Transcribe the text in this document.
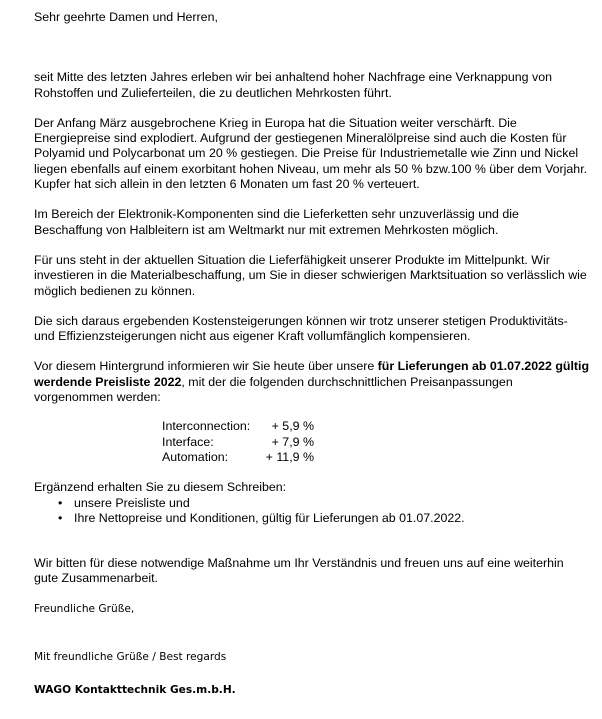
Sehr geehrte Damen und Herren,

seit Mitte des letzten Jahres erleben wir bei anhaltend hoher Nachfrage eine Verknappung von Rohstoffen und Zulieferteilen, die zu deutlichen Mehrkosten führt.

Der Anfang März ausgebrochene Krieg in Europa hat die Situation weiter verschärft. Die Energiepreise sind explodiert. Aufgrund der gestiegenen Mineralölpreise sind auch die Kosten für Polyamid und Polycarbonat um 20 % gestiegen. Die Preise für Industriemetalle wie Zinn und Nickel liegen ebenfalls auf einem exorbitant hohen Niveau, um mehr als 50 % bzw.100 % über dem Vorjahr. Kupfer hat sich allein in den letzten 6 Monaten um fast 20 % verteuert.

Im Bereich der Elektronik-Komponenten sind die Lieferketten sehr unzuverlässig und die Beschaffung von Halbleitern ist am Weltmarkt nur mit extremen Mehrkosten möglich.

Für uns steht in der aktuellen Situation die Lieferfähigkeit unserer Produkte im Mittelpunkt. Wir investieren in die Materialbeschaffung, um Sie in dieser schwierigen Marktsituation so verlässlich wie möglich bedienen zu können.

Die sich daraus ergebenden Kostensteigerungen können wir trotz unserer stetigen Produktivitäts- und Effizienzsteigerungen nicht aus eigener Kraft vollumfänglich kompensieren.

Vor diesem Hintergrund informieren wir Sie heute über unsere für Lieferungen ab 01.07.2022 gültig werdende Preisliste 2022, mit der die folgenden durchschnittlichen Preisanpassungen vorgenommen werden:

Interconnection:	+ 5,9 %
Interface:	+ 7,9 %
Automation:	+ 11,9 %

Ergänzend erhalten Sie zu diesem Schreiben:

• unsere Preisliste und
• Ihre Nettopreise und Konditionen, gültig für Lieferungen ab 01.07.2022.

Wir bitten für diese notwendige Maßnahme um Ihr Verständnis und freuen uns auf eine weiterhin gute Zusammenarbeit.

Freundliche Grüße,

Mit freundliche Grüße / Best regards

WAGO Kontakttechnik Ges.m.b.H.
